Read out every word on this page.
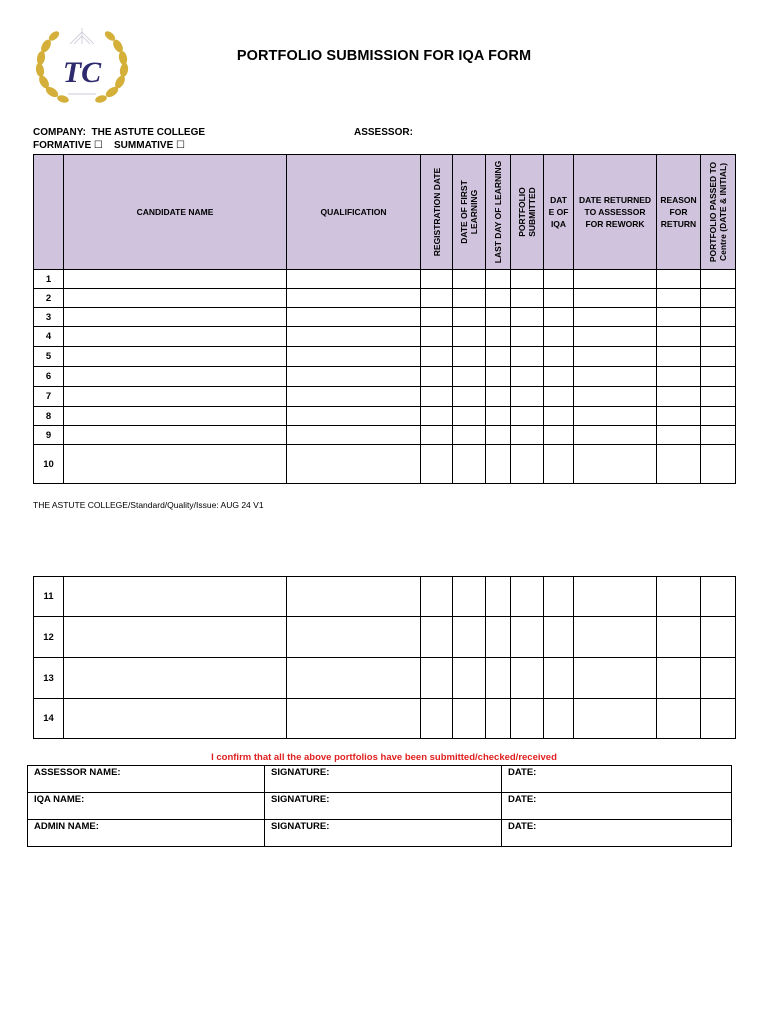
TC	PORTFOLIO SUBMISSION FOR IQA FORM
COMPANY: THE ASTUTE COLLEGE	ASSESSOR:
FORMATIVE ☐ SUMMATIVE ☐
	CANDIDATE NAME	QUALIFICATION	REGISTRATION DATE	DATE OF FIRST
LEARNING	LAST DAY OF LEARNING	PORTFOLIO
SUBMITTED	DAT
E OF
IQA	DATE RETURNED
TO ASSESSOR
FOR REWORK	REASON
FOR
RETURN	PORTFOLIO PASSED TO
Centre (DATE & INITIAL)

1										
2										
3										
4										
5										
6										
7										
8										
9										
10										
THE ASTUTE COLLEGE/Standard/Quality/Issue: AUG 24 V1
11										
12										
13										
14										
I confirm that all the above portfolios have been submitted/checked/received
ASSESSOR NAME:	SIGNATURE:	DATE:
IQA NAME:	SIGNATURE:	DATE:
ADMIN NAME:	SIGNATURE:	DATE:
